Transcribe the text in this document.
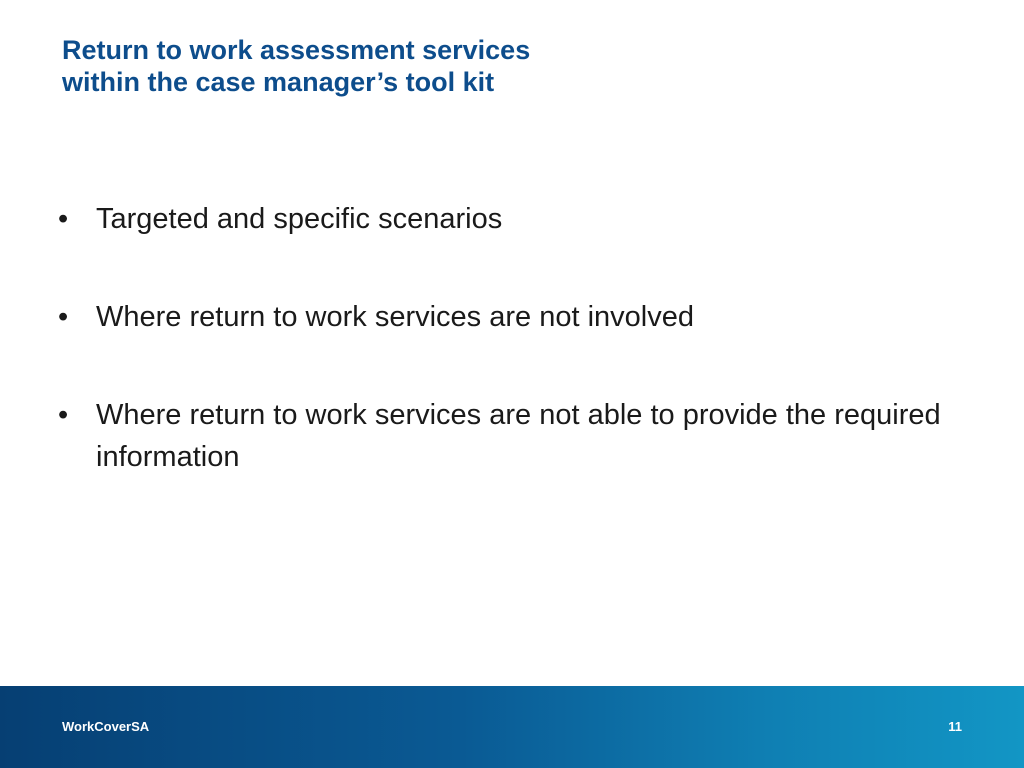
Return to work assessment services
within the case manager’s tool kit
• Targeted and specific scenarios
• Where return to work services are not involved
• Where return to work services are not able to provide the required information
WorkCoverSA	11
